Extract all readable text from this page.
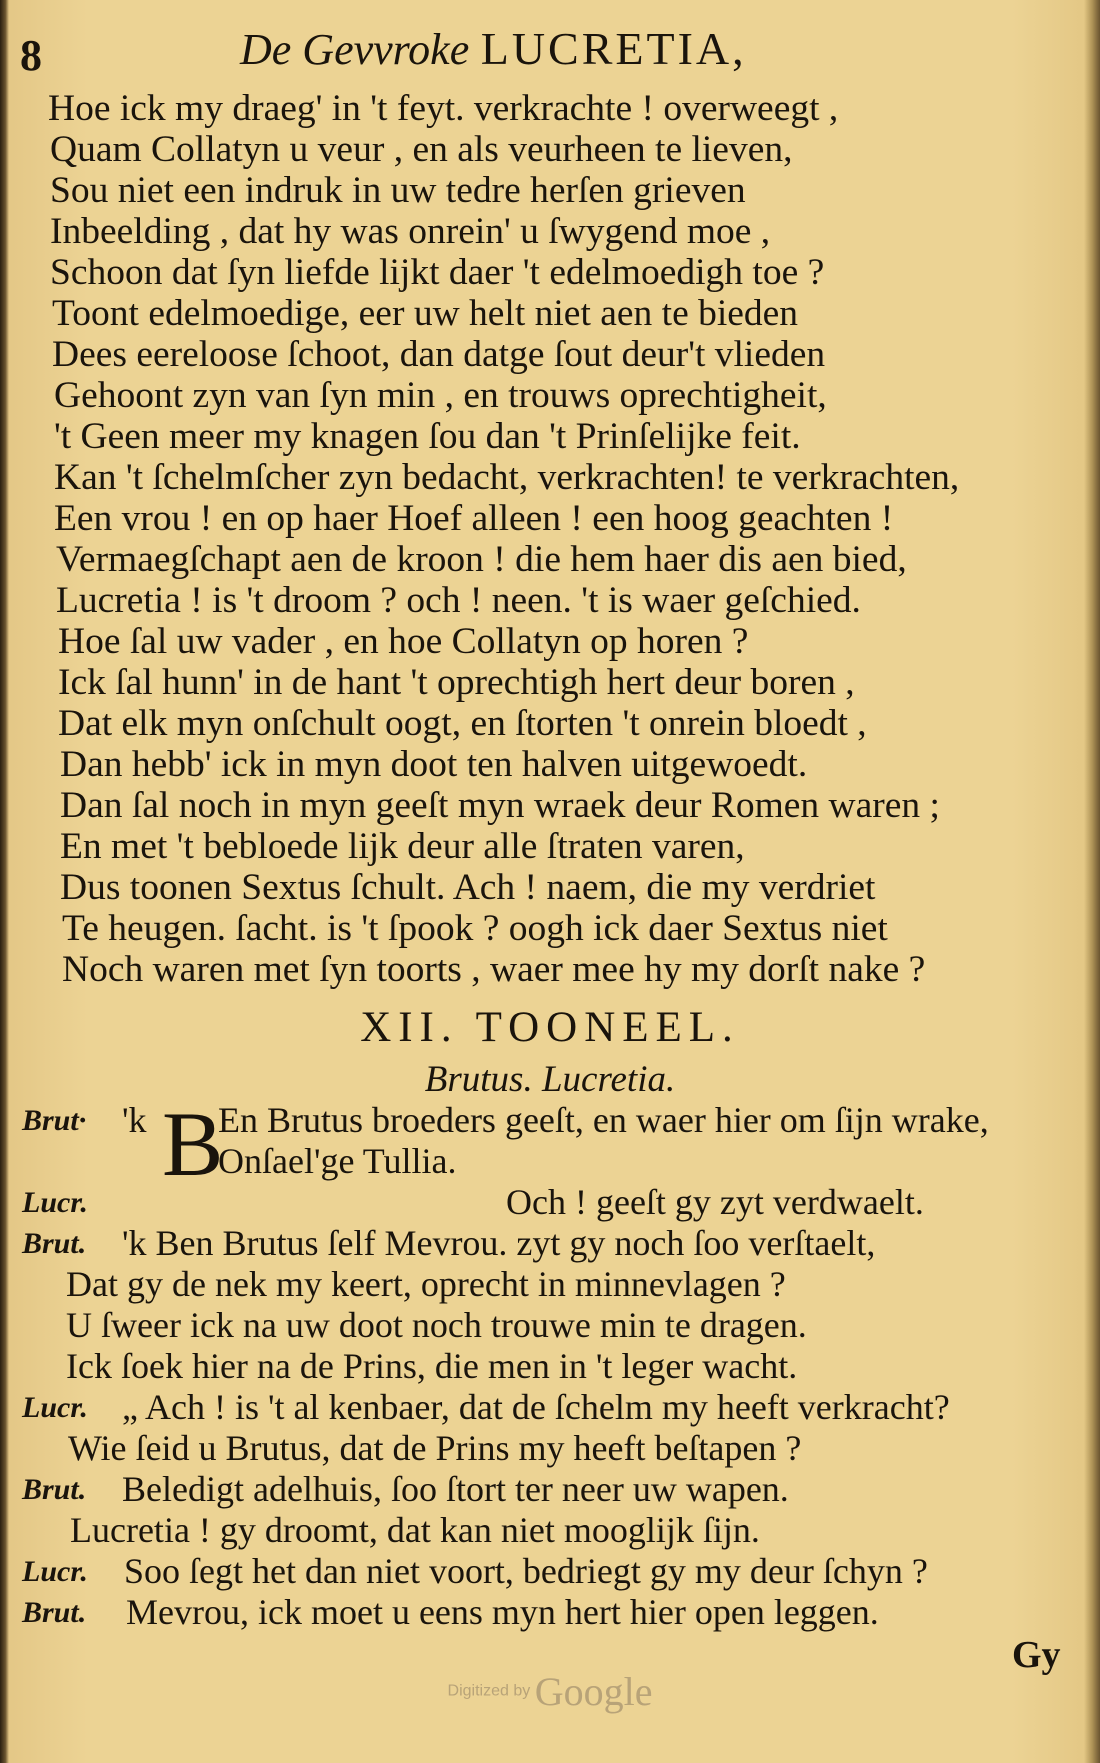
8	De Gevvroke LUCRETIA,
Hoe ick my draeg' in 't feyt. verkrachte ! overweegt ,
Quam Collatyn u veur , en als veurheen te lieven,
Sou niet een indruk in uw tedre herſen grieven
Inbeelding , dat hy was onrein' u ſwygend moe ,
Schoon dat ſyn liefde lijkt daer 't edelmoedigh toe ?
Toont edelmoedige, eer uw helt niet aen te bieden
Dees eereloose ſchoot, dan datge ſout deur't vlieden
Gehoont zyn van ſyn min , en trouws oprechtigheit,
't Geen meer my knagen ſou dan 't Prinſelijke feit.
Kan 't ſchelmſcher zyn bedacht, verkrachten! te verkrachten,
Een vrou ! en op haer Hoef alleen ! een hoog geachten !
Vermaegſchapt aen de kroon ! die hem haer dis aen bied,
Lucretia ! is 't droom ? och ! neen. 't is waer geſchied.
Hoe ſal uw vader , en hoe Collatyn op horen ?
Ick ſal hunn' in de hant 't oprechtigh hert deur boren ,
Dat elk myn onſchult oogt, en ſtorten 't onrein bloedt ,
Dan hebb' ick in myn doot ten halven uitgewoedt.
Dan ſal noch in myn geeſt myn wraek deur Romen waren ;
En met 't bebloede lijk deur alle ſtraten varen,
Dus toonen Sextus ſchult. Ach ! naem, die my verdriet
Te heugen. ſacht. is 't ſpook ? oogh ick daer Sextus niet
Noch waren met ſyn toorts , waer mee hy my dorſt nake ?
XII. TOONEEL.
Brutus. Lucretia.
Brut· 'k B
En Brutus broeders geeſt, en waer hier om ſijn wrake,
Onſael'ge Tullia.
Lucr.	Och ! geeſt gy zyt verdwaelt.
Brut. 'k Ben Brutus ſelf Mevrou. zyt gy noch ſoo verſtaelt,
Dat gy de nek my keert, oprecht in minnevlagen ?
U ſweer ick na uw doot noch trouwe min te dragen.
Ick ſoek hier na de Prins, die men in 't leger wacht.
Lucr. „ Ach ! is 't al kenbaer, dat de ſchelm my heeft verkracht?
Wie ſeid u Brutus, dat de Prins my heeft beſtapen ?
Brut. Beledigt adelhuis, ſoo ſtort ter neer uw wapen.
Lucretia ! gy droomt, dat kan niet mooglijk ſijn.
Lucr. Soo ſegt het dan niet voort, bedriegt gy my deur ſchyn ?
Brut. Mevrou, ick moet u eens myn hert hier open leggen.
Gy
Digitized by Google
